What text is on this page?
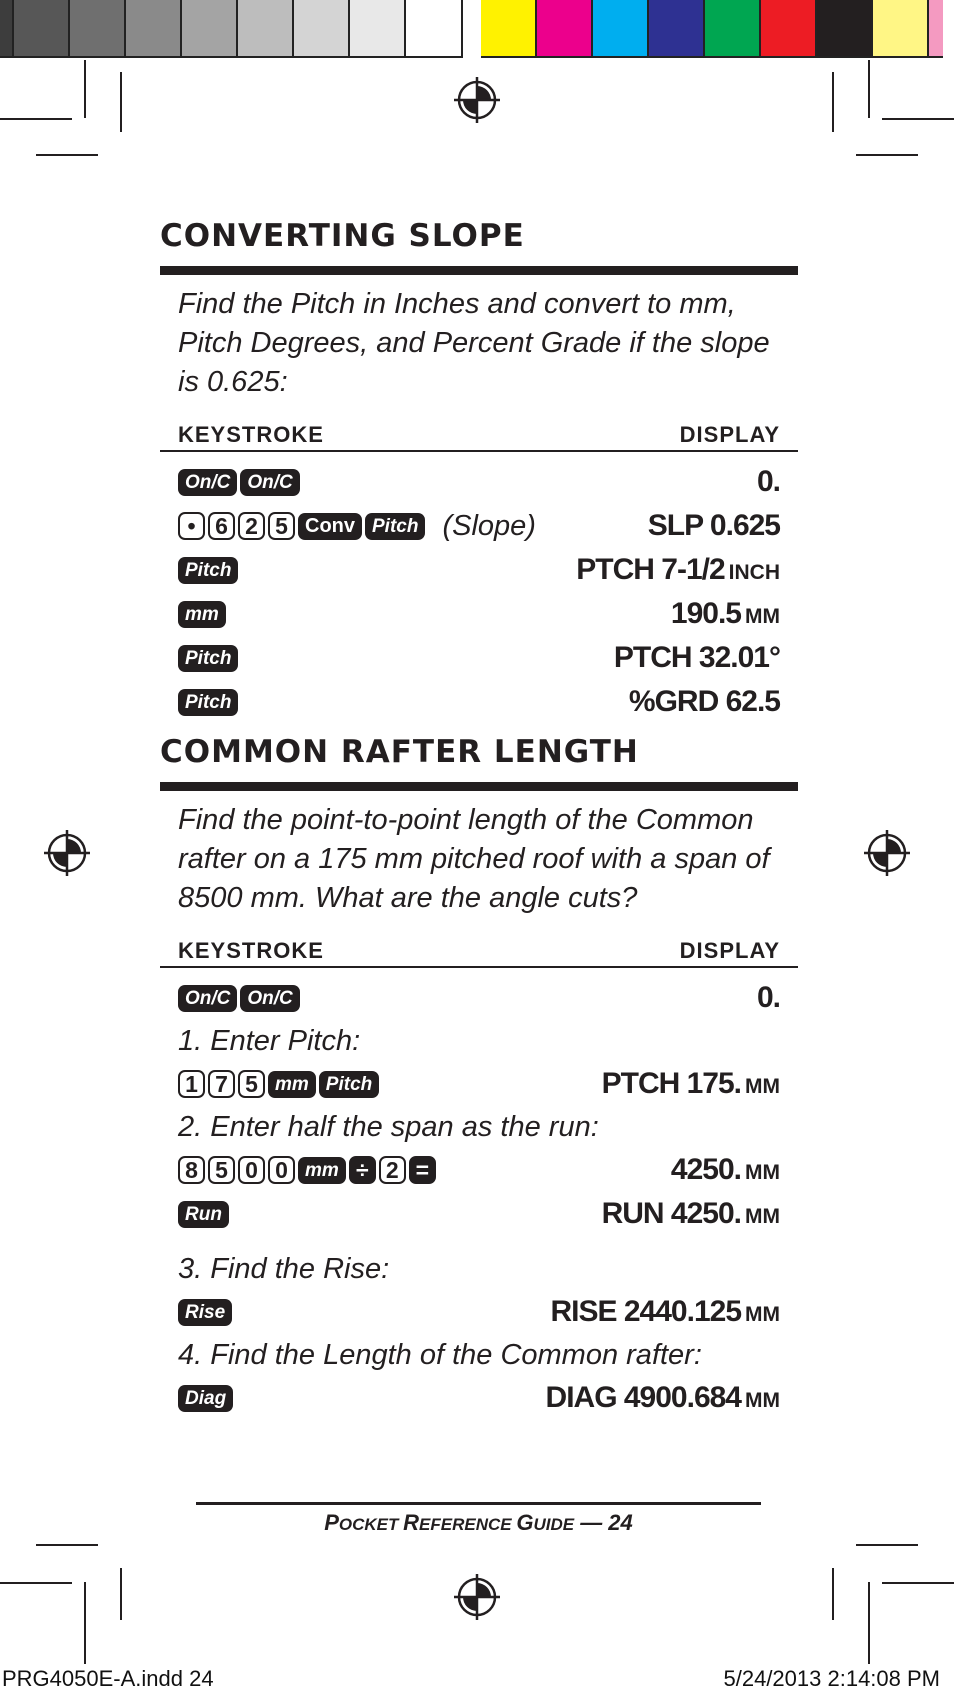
CONVERTING SLOPE
Find the Pitch in Inches and convert to mm, Pitch Degrees, and Percent Grade if the slope is 0.625:
KEYSTROKE	DISPLAY
On/C On/C	0.
• 6 2 5 Conv Pitch (Slope)	SLP 0.625
Pitch	PTCH 7-1/2 INCH
mm	190.5 MM
Pitch	PTCH 32.01°
Pitch	%GRD 62.5
COMMON RAFTER LENGTH
Find the point-to-point length of the Common rafter on a 175 mm pitched roof with a span of 8500 mm. What are the angle cuts?
KEYSTROKE	DISPLAY
On/C On/C	0.
1. Enter Pitch:
1 7 5 mm Pitch	PTCH 175. MM
2. Enter half the span as the run:
8 5 0 0 mm ÷ 2 =	4250. MM
Run	RUN 4250. MM
3. Find the Rise:
Rise	RISE 2440.125 MM
4. Find the Length of the Common rafter:
Diag	DIAG 4900.684 MM
POCKET REFERENCE GUIDE — 24
PRG4050E-A.indd 24	5/24/2013 2:14:08 PM
